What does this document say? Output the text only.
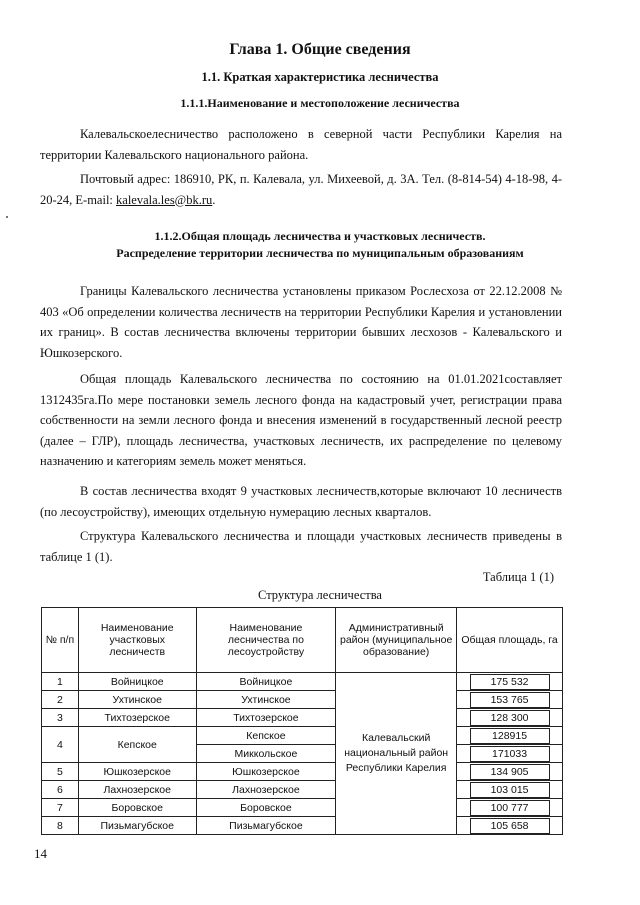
Глава 1. Общие сведения
1.1. Краткая характеристика лесничества
1.1.1.Наименование и местоположение лесничества

Калевальскоелесничество расположено в северной части Республики Карелия на территории Калевальского национального района.

Почтовый адрес: 186910, РК, п. Калевала, ул. Михеевой, д. 3А. Тел. (8-814-54) 4-18-98, 4-20-24, E-mail: kalevala.les@bk.ru.

1.1.2.Общая площадь лесничества и участковых лесничеств.
Распределение территории лесничества по муниципальным образованиям

Границы Калевальского лесничества установлены приказом Рослесхоза от 22.12.2008 № 403 «Об определении количества лесничеств на территории Республики Карелия и установлении их границ». В состав лесничества включены территории бывших лесхозов - Калевальского и Юшкозерского.

Общая площадь Калевальского лесничества по состоянию на 01.01.2021составляет 1312435га.По мере постановки земель лесного фонда на кадастровый учет, регистрации права собственности на земли лесного фонда и внесения изменений в государственный лесной реестр (далее – ГЛР), площадь лесничества, участковых лесничеств, их распределение по целевому назначению и категориям земель может меняться.

В состав лесничества входят 9 участковых лесничеств,которые включают 10 лесничеств (по лесоустройству), имеющих отдельную нумерацию лесных кварталов.

Структура Калевальского лесничества и площади участковых лесничеств приведены в таблице 1 (1).

Таблица 1 (1)
Структура лесничества
№ п/п	Наименование участковых лесничеств	Наименование лесничества по лесоустройству	Административный район (муниципальное образование)	Общая площадь, га
1	Войницкое	Войницкое	Калевальский национальный район Республики Карелия	175 532
2	Ухтинское	Ухтинское		153 765
3	Тихтозерское	Тихтозерское		128 300
4	Кепское	Кепское		128915
		Миккольское		171033
5	Юшкозерское	Юшкозерское		134 905
6	Лахнозерское	Лахнозерское		103 015
7	Боровское	Боровское		100 777
8	Пизьмагубское	Пизьмагубское		105 658
14
